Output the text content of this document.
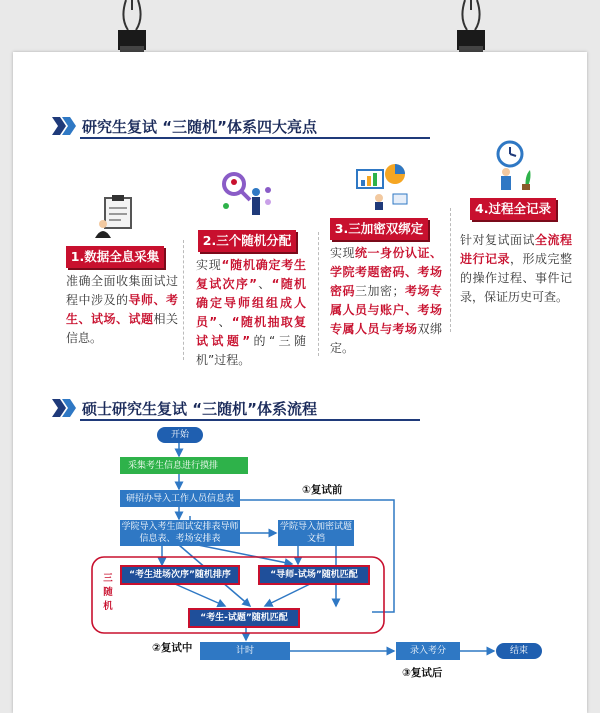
研究生复试 “三随机”体系四大亮点
1.数据全息采集
准确全面收集面试过程中涉及的导师、考生、试场、试题相关信息。
2.三个随机分配
实现“随机确定考生复试次序”、“随机确定导师组组成人员”、“随机抽取复试试题”的“三随机”过程。
3.三加密双绑定
实现统一身份认证、学院考题密码、考场密码三加密；考场专属人员与账户、考场专属人员与考场双绑定。
4.过程全记录
针对复试面试全流程进行记录，形成完整的操作过程、事件记录，保证历史可查。
硕士研究生复试 “三随机”体系流程
开始
采集考生信息进行摸排
研招办导入工作人员信息表
学院导入考生面试安排表导师信息表、考场安排表
学院导入加密试题文档
“考生进场次序”随机排序	“导师-试场”随机匹配
“考生-试题”随机匹配
计时	录入考分	结束
三随机
①复试前
②复试中
③复试后
